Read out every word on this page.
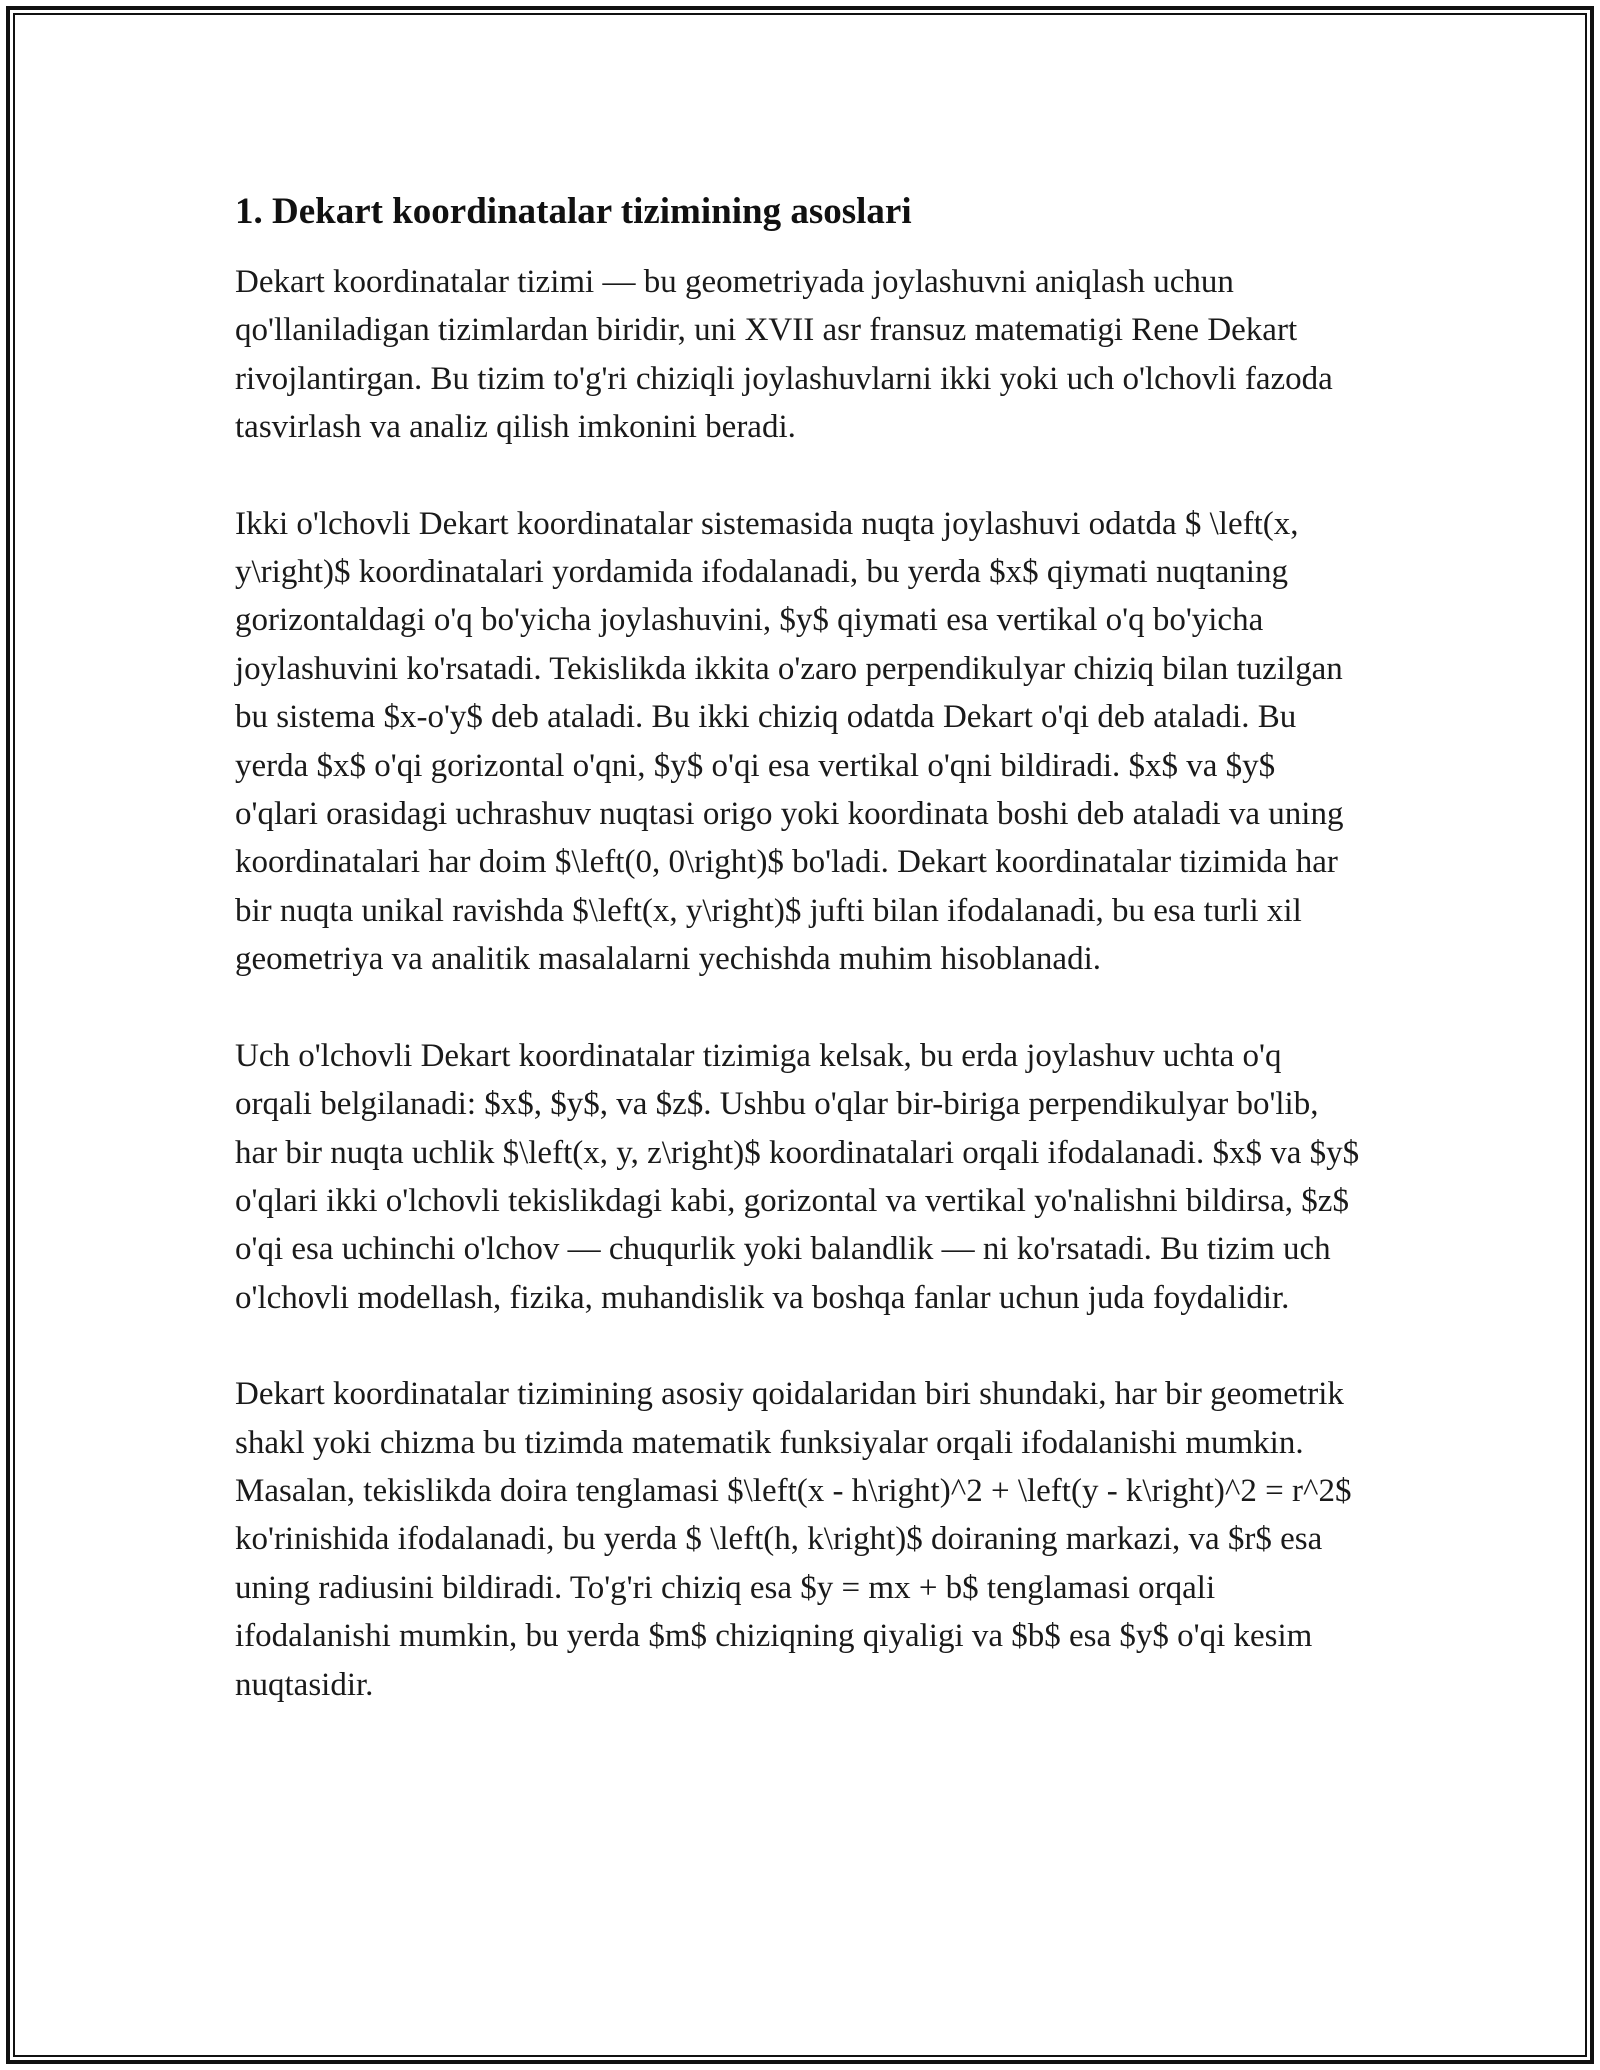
1. Dekart koordinatalar tizimining asoslari

Dekart koordinatalar tizimi — bu geometriyada joylashuvni aniqlash uchun qo'llaniladigan tizimlardan biridir, uni XVII asr fransuz matematigi Rene Dekart rivojlantirgan. Bu tizim to'g'ri chiziqli joylashuvlarni ikki yoki uch o'lchovli fazoda tasvirlash va analiz qilish imkonini beradi.

Ikki o'lchovli Dekart koordinatalar sistemasida nuqta joylashuvi odatda $ \left(x, y\right)$ koordinatalari yordamida ifodalanadi, bu yerda $x$ qiymati nuqtaning gorizontaldagi o'q bo'yicha joylashuvini, $y$ qiymati esa vertikal o'q bo'yicha joylashuvini ko'rsatadi. Tekislikda ikkita o'zaro perpendikulyar chiziq bilan tuzilgan bu sistema $x-o'y$ deb ataladi. Bu ikki chiziq odatda Dekart o'qi deb ataladi. Bu yerda $x$ o'qi gorizontal o'qni, $y$ o'qi esa vertikal o'qni bildiradi. $x$ va $y$ o'qlari orasidagi uchrashuv nuqtasi origo yoki koordinata boshi deb ataladi va uning koordinatalari har doim $\left(0, 0\right)$ bo'ladi. Dekart koordinatalar tizimida har bir nuqta unikal ravishda $\left(x, y\right)$ jufti bilan ifodalanadi, bu esa turli xil geometriya va analitik masalalarni yechishda muhim hisoblanadi.

Uch o'lchovli Dekart koordinatalar tizimiga kelsak, bu erda joylashuv uchta o'q orqali belgilanadi: $x$, $y$, va $z$. Ushbu o'qlar bir-biriga perpendikulyar bo'lib, har bir nuqta uchlik $\left(x, y, z\right)$ koordinatalari orqali ifodalanadi. $x$ va $y$ o'qlari ikki o'lchovli tekislikdagi kabi, gorizontal va vertikal yo'nalishni bildirsa, $z$ o'qi esa uchinchi o'lchov — chuqurlik yoki balandlik — ni ko'rsatadi. Bu tizim uch o'lchovli modellash, fizika, muhandislik va boshqa fanlar uchun juda foydalidir.

Dekart koordinatalar tizimining asosiy qoidalaridan biri shundaki, har bir geometrik shakl yoki chizma bu tizimda matematik funksiyalar orqali ifodalanishi mumkin. Masalan, tekislikda doira tenglamasi $\left(x - h\right)^2 + \left(y - k\right)^2 = r^2$ ko'rinishida ifodalanadi, bu yerda $ \left(h, k\right)$ doiraning markazi, va $r$ esa uning radiusini bildiradi. To'g'ri chiziq esa $y = mx + b$ tenglamasi orqali ifodalanishi mumkin, bu yerda $m$ chiziqning qiyaligi va $b$ esa $y$ o'qi kesim nuqtasidir.
